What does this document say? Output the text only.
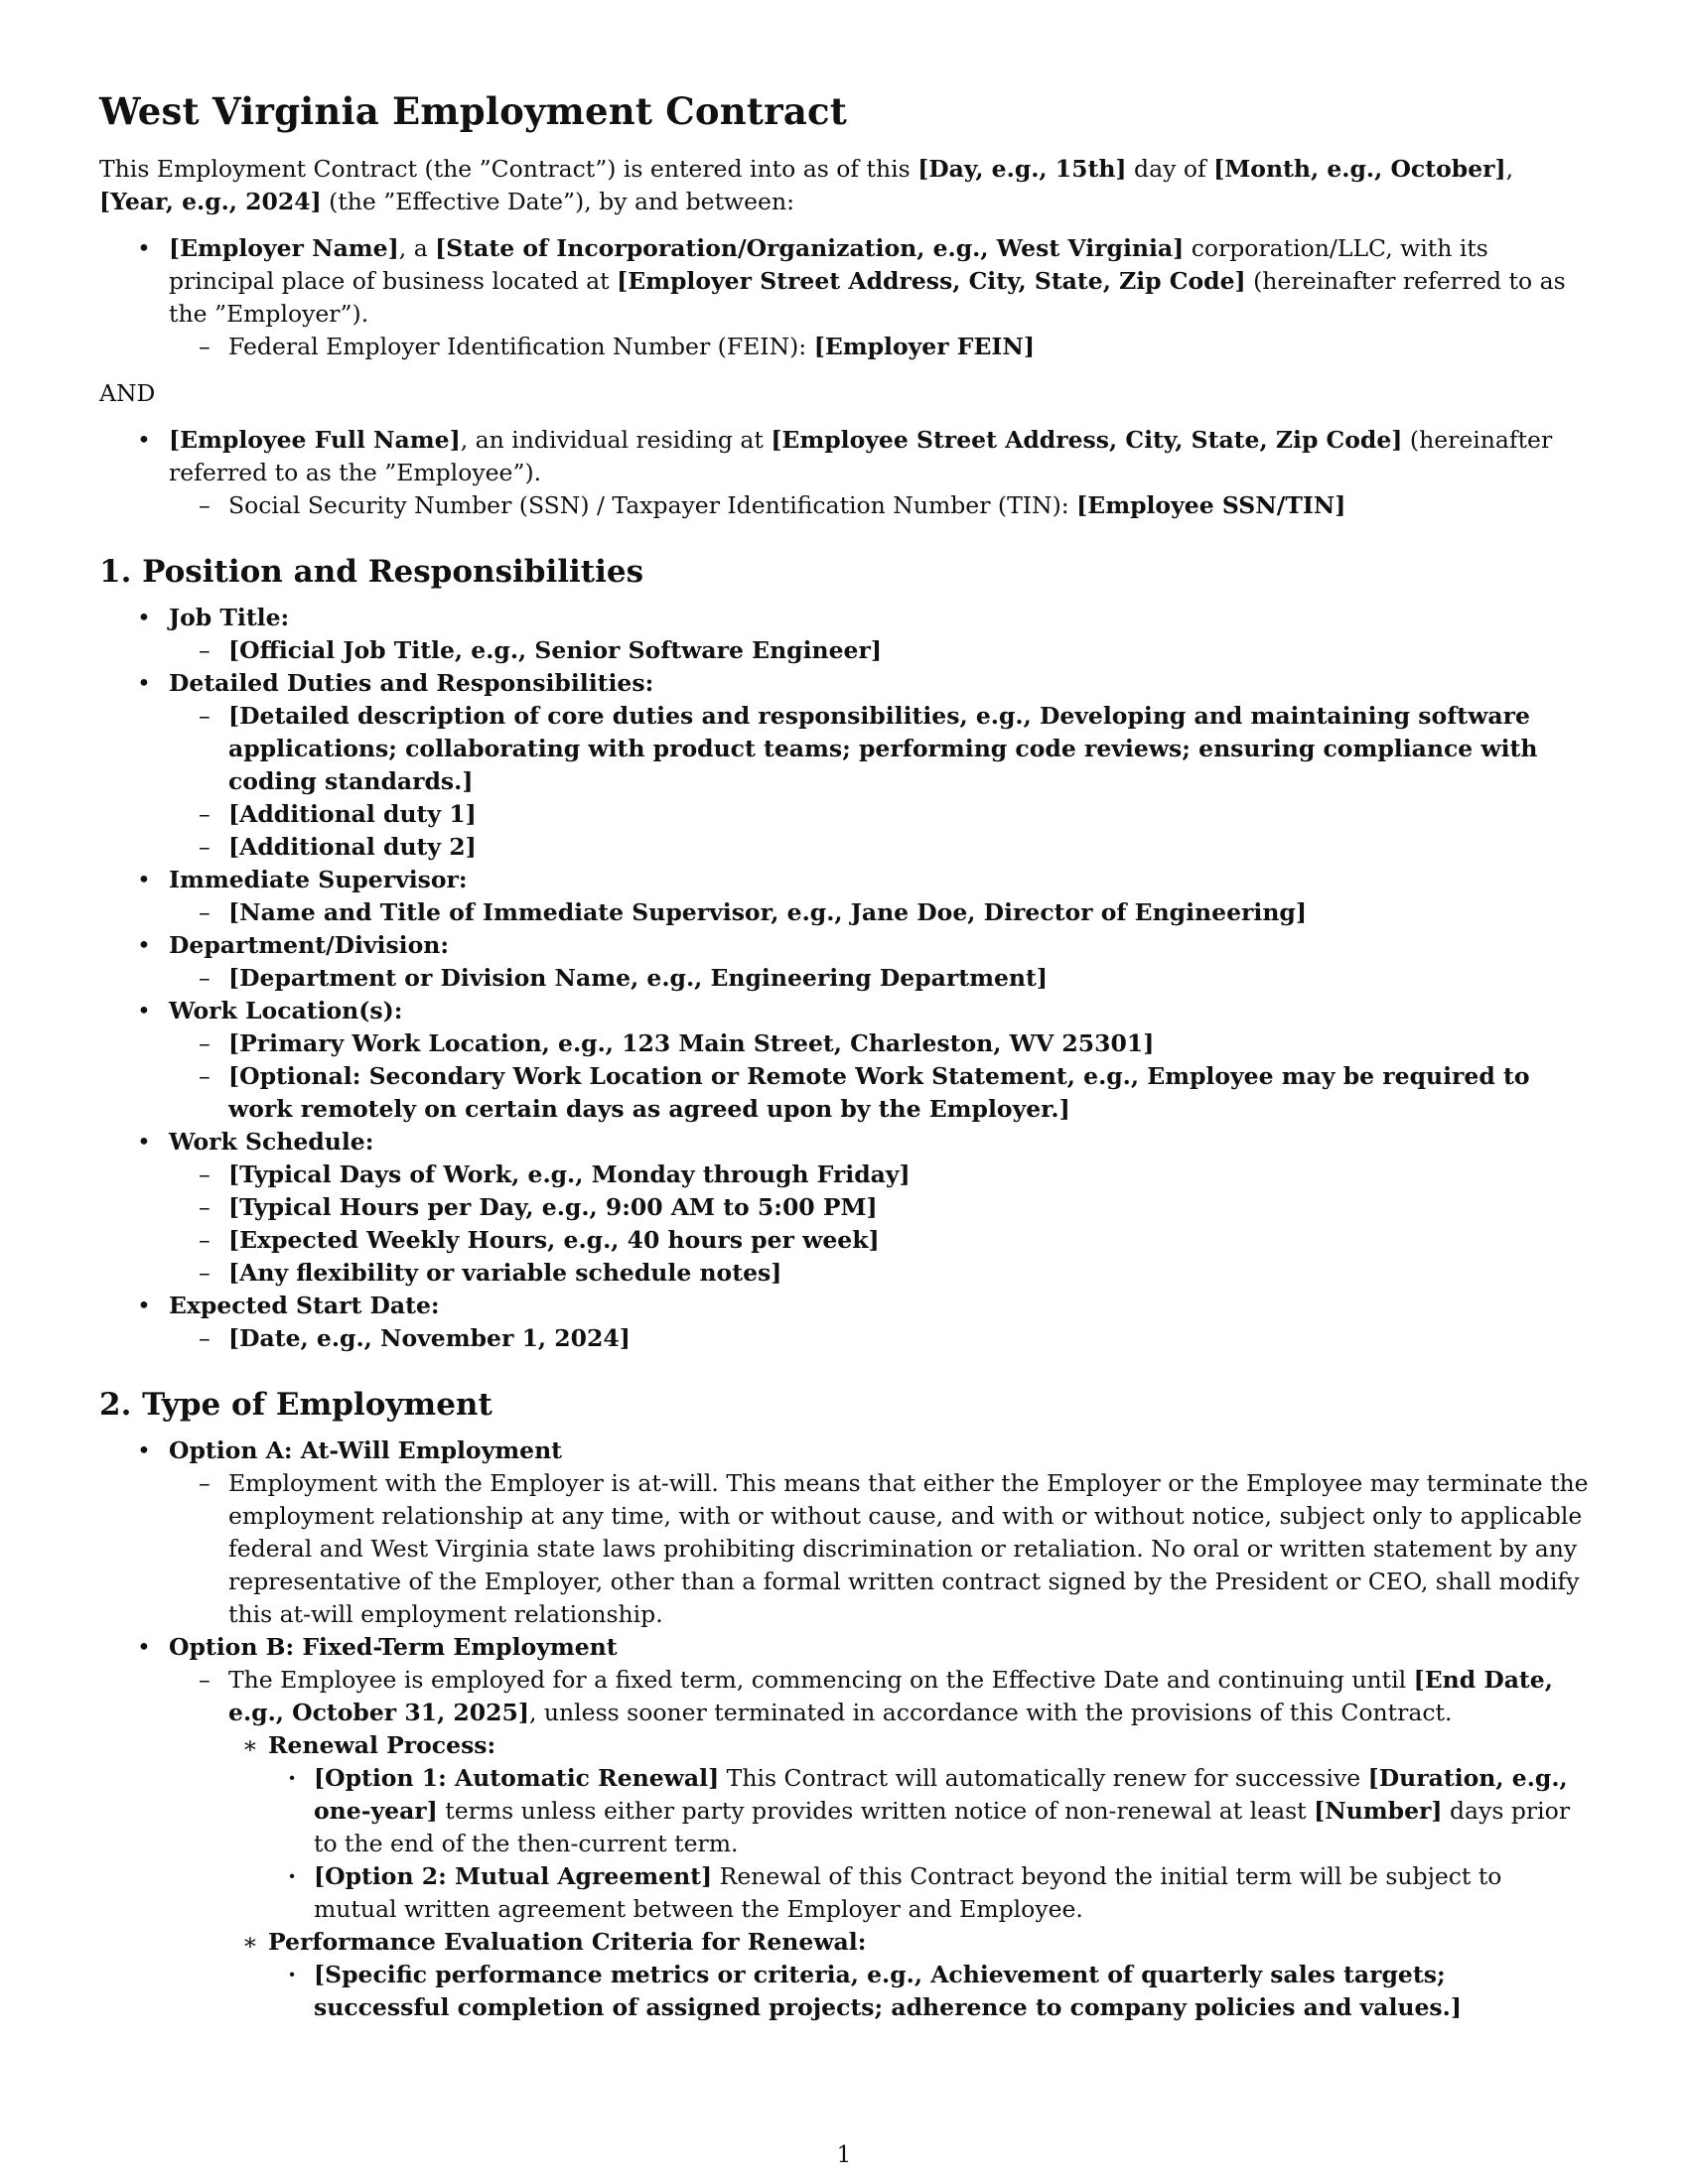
West Virginia Employment Contract

This Employment Contract (the ”Contract”) is entered into as of this [Day, e.g., 15th] day of [Month, e.g., October], [Year, e.g., 2024] (the ”Effective Date”), by and between:

• [Employer Name], a [State of Incorporation/Organization, e.g., West Virginia] corporation/LLC, with its principal place of business located at [Employer Street Address, City, State, Zip Code] (hereinafter referred to as the ”Employer”).
– Federal Employer Identification Number (FEIN): [Employer FEIN]

AND

• [Employee Full Name], an individual residing at [Employee Street Address, City, State, Zip Code] (hereinafter referred to as the ”Employee”).
– Social Security Number (SSN) / Taxpayer Identification Number (TIN): [Employee SSN/TIN]
1. Position and Responsibilities
• Job Title:
– [Official Job Title, e.g., Senior Software Engineer]
• Detailed Duties and Responsibilities:
– [Detailed description of core duties and responsibilities, e.g., Developing and maintaining software applications; collaborating with product teams; performing code reviews; ensuring compliance with coding standards.]
– [Additional duty 1]
– [Additional duty 2]
• Immediate Supervisor:
– [Name and Title of Immediate Supervisor, e.g., Jane Doe, Director of Engineering]
• Department/Division:
– [Department or Division Name, e.g., Engineering Department]
• Work Location(s):
– [Primary Work Location, e.g., 123 Main Street, Charleston, WV 25301]
– [Optional: Secondary Work Location or Remote Work Statement, e.g., Employee may be required to work remotely on certain days as agreed upon by the Employer.]
• Work Schedule:
– [Typical Days of Work, e.g., Monday through Friday]
– [Typical Hours per Day, e.g., 9:00 AM to 5:00 PM]
– [Expected Weekly Hours, e.g., 40 hours per week]
– [Any flexibility or variable schedule notes]
• Expected Start Date:
– [Date, e.g., November 1, 2024]
2. Type of Employment
• Option A: At-Will Employment
– Employment with the Employer is at-will. This means that either the Employer or the Employee may terminate the employment relationship at any time, with or without cause, and with or without notice, subject only to applicable federal and West Virginia state laws prohibiting discrimination or retaliation. No oral or written statement by any representative of the Employer, other than a formal written contract signed by the President or CEO, shall modify this at-will employment relationship.
• Option B: Fixed-Term Employment
– The Employee is employed for a fixed term, commencing on the Effective Date and continuing until [End Date, e.g., October 31, 2025], unless sooner terminated in accordance with the provisions of this Contract.
∗ Renewal Process:
· [Option 1: Automatic Renewal] This Contract will automatically renew for successive [Duration, e.g., one-year] terms unless either party provides written notice of non-renewal at least [Number] days prior to the end of the then-current term.
· [Option 2: Mutual Agreement] Renewal of this Contract beyond the initial term will be subject to mutual written agreement between the Employer and Employee.
∗ Performance Evaluation Criteria for Renewal:
· [Specific performance metrics or criteria, e.g., Achievement of quarterly sales targets; successful completion of assigned projects; adherence to company policies and values.]
1
